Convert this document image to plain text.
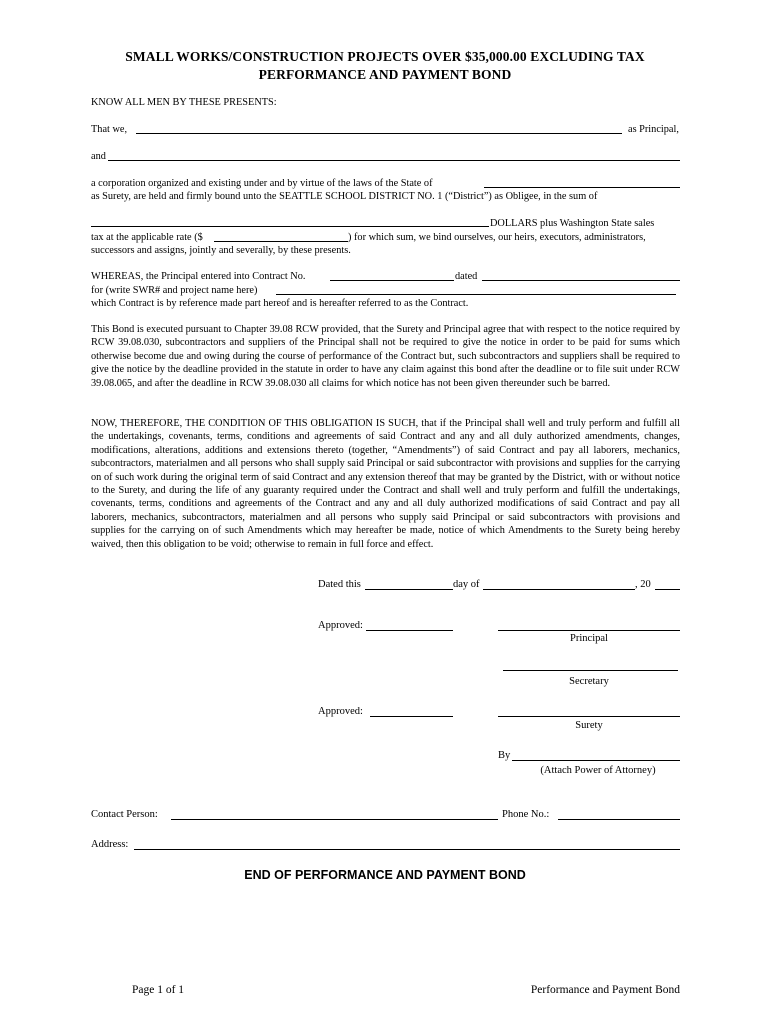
SMALL WORKS/CONSTRUCTION PROJECTS OVER $35,000.00 EXCLUDING TAX
PERFORMANCE AND PAYMENT BOND
KNOW ALL MEN BY THESE PRESENTS:
That we,	as Principal,
and
a corporation organized and existing under and by virtue of the laws of the State of
as Surety, are held and firmly bound unto the SEATTLE SCHOOL DISTRICT NO. 1 (“District”) as Obligee, in the sum of
DOLLARS plus Washington State sales
tax at the applicable rate ($	) for which sum, we bind ourselves, our heirs, executors, administrators,
successors and assigns, jointly and severally, by these presents.
WHEREAS, the Principal entered into Contract No.	dated
for (write SWR# and project name here)
which Contract is by reference made part hereof and is hereafter referred to as the Contract.
This Bond is executed pursuant to Chapter 39.08 RCW provided, that the Surety and Principal agree that with respect to the notice required by RCW 39.08.030, subcontractors and suppliers of the Principal shall not be required to give the notice in order to be paid for sums which otherwise become due and owing during the course of performance of the Contract but, such subcontractors and suppliers shall be required to give the notice by the deadline provided in the statute in order to have any claim against this bond after the deadline or to file suit under RCW 39.08.065, and after the deadline in RCW 39.08.030 all claims for which notice has not been given thereunder such be barred.
NOW, THEREFORE, THE CONDITION OF THIS OBLIGATION IS SUCH, that if the Principal shall well and truly perform and fulfill all the undertakings, covenants, terms, conditions and agreements of said Contract and any and all duly authorized amendments, changes, modifications, alterations, additions and extensions thereto (together, “Amendments”) of said Contract and pay all laborers, mechanics, subcontractors, materialmen and all persons who shall supply said Principal or said subcontractor with provisions and supplies for the carrying on of such work during the original term of said Contract and any extension thereof that may be granted by the District, with or without notice to the Surety, and during the life of any guaranty required under the Contract and shall well and truly perform and fulfill the undertakings, covenants, terms, conditions and agreements of the Contract and any and all duly authorized modifications of said Contract and pay all laborers, mechanics, subcontractors, materialmen and all persons who supply said Principal or said subcontractors with provisions and supplies for the carrying on of such Amendments which may hereafter be made, notice of which Amendments to the Surety being hereby waived, then this obligation to be void; otherwise to remain in full force and effect.
Dated this	day of	, 20
Approved:
Principal
Secretary
Approved:
Surety
By
(Attach Power of Attorney)
Contact Person:	Phone No.:
Address:
END OF PERFORMANCE AND PAYMENT BOND
Page 1 of 1	Performance and Payment Bond
